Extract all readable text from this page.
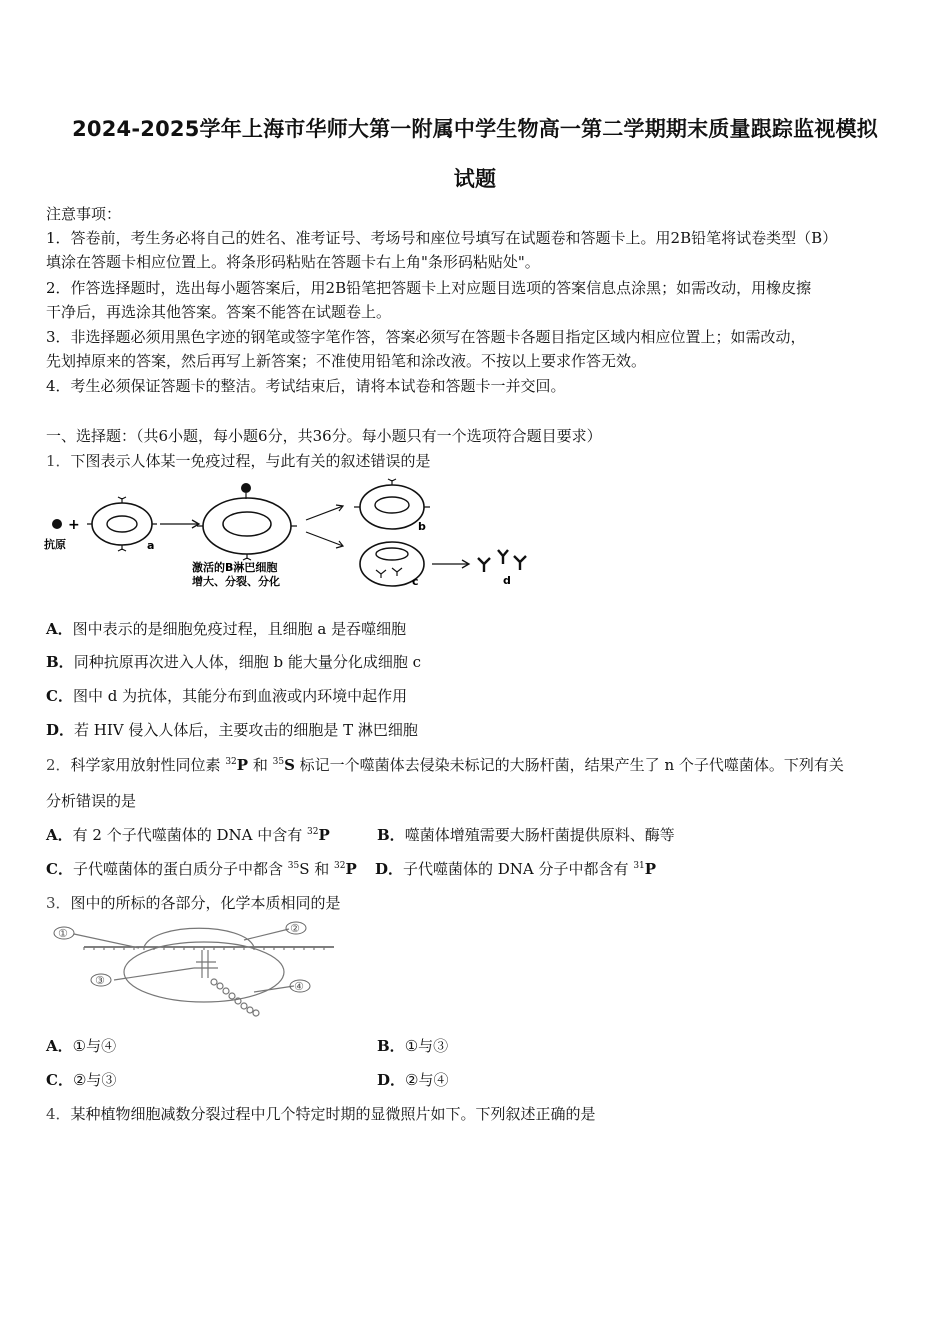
2024-2025学年上海市华师大第一附属中学生物高一第二学期期末质量跟踪监视模拟
试题
注意事项：
1．答卷前，考生务必将自己的姓名、准考证号、考场号和座位号填写在试题卷和答题卡上。用2B铅笔将试卷类型（B）
填涂在答题卡相应位置上。将条形码粘贴在答题卡右上角"条形码粘贴处"。
2．作答选择题时，选出每小题答案后，用2B铅笔把答题卡上对应题目选项的答案信息点涂黑；如需改动，用橡皮擦
干净后，再选涂其他答案。答案不能答在试题卷上。
3．非选择题必须用黑色字迹的钢笔或签字笔作答，答案必须写在答题卡各题目指定区域内相应位置上；如需改动，
先划掉原来的答案，然后再写上新答案；不准使用铅笔和涂改液。不按以上要求作答无效。
4．考生必须保证答题卡的整洁。考试结束后，请将本试卷和答题卡一并交回。
一、选择题：（共6小题，每小题6分，共36分。每小题只有一个选项符合题目要求）
1．下图表示人体某一免疫过程，与此有关的叙述错误的是
抗原
+
a
激活的B淋巴细胞
增大、分裂、分化
b
c	d
A．图中表示的是细胞免疫过程，且细胞 a 是吞噬细胞
B．同种抗原再次进入人体，细胞 b 能大量分化成细胞 c
C．图中 d 为抗体，其能分布到血液或内环境中起作用
D．若 HIV 侵入人体后，主要攻击的细胞是 T 淋巴细胞
2．科学家用放射性同位素 $^{32}$P 和 $^{35}$S 标记一个噬菌体去侵染未标记的大肠杆菌，结果产生了 n 个子代噬菌体。下列有关
分析错误的是
A．有 2 个子代噬菌体的 DNA 中含有 $^{32}$P	B．噬菌体增殖需要大肠杆菌提供原料、酶等
C．子代噬菌体的蛋白质分子中都含 $^{35}$S 和 $^{32}$P D．子代噬菌体的 DNA 分子中都含有 $^{31}$P
3．图中的所标的各部分，化学本质相同的是
①	②
③	④
A．①与④	B．①与③
C．②与③	D．②与④
4．某种植物细胞减数分裂过程中几个特定时期的显微照片如下。下列叙述正确的是
